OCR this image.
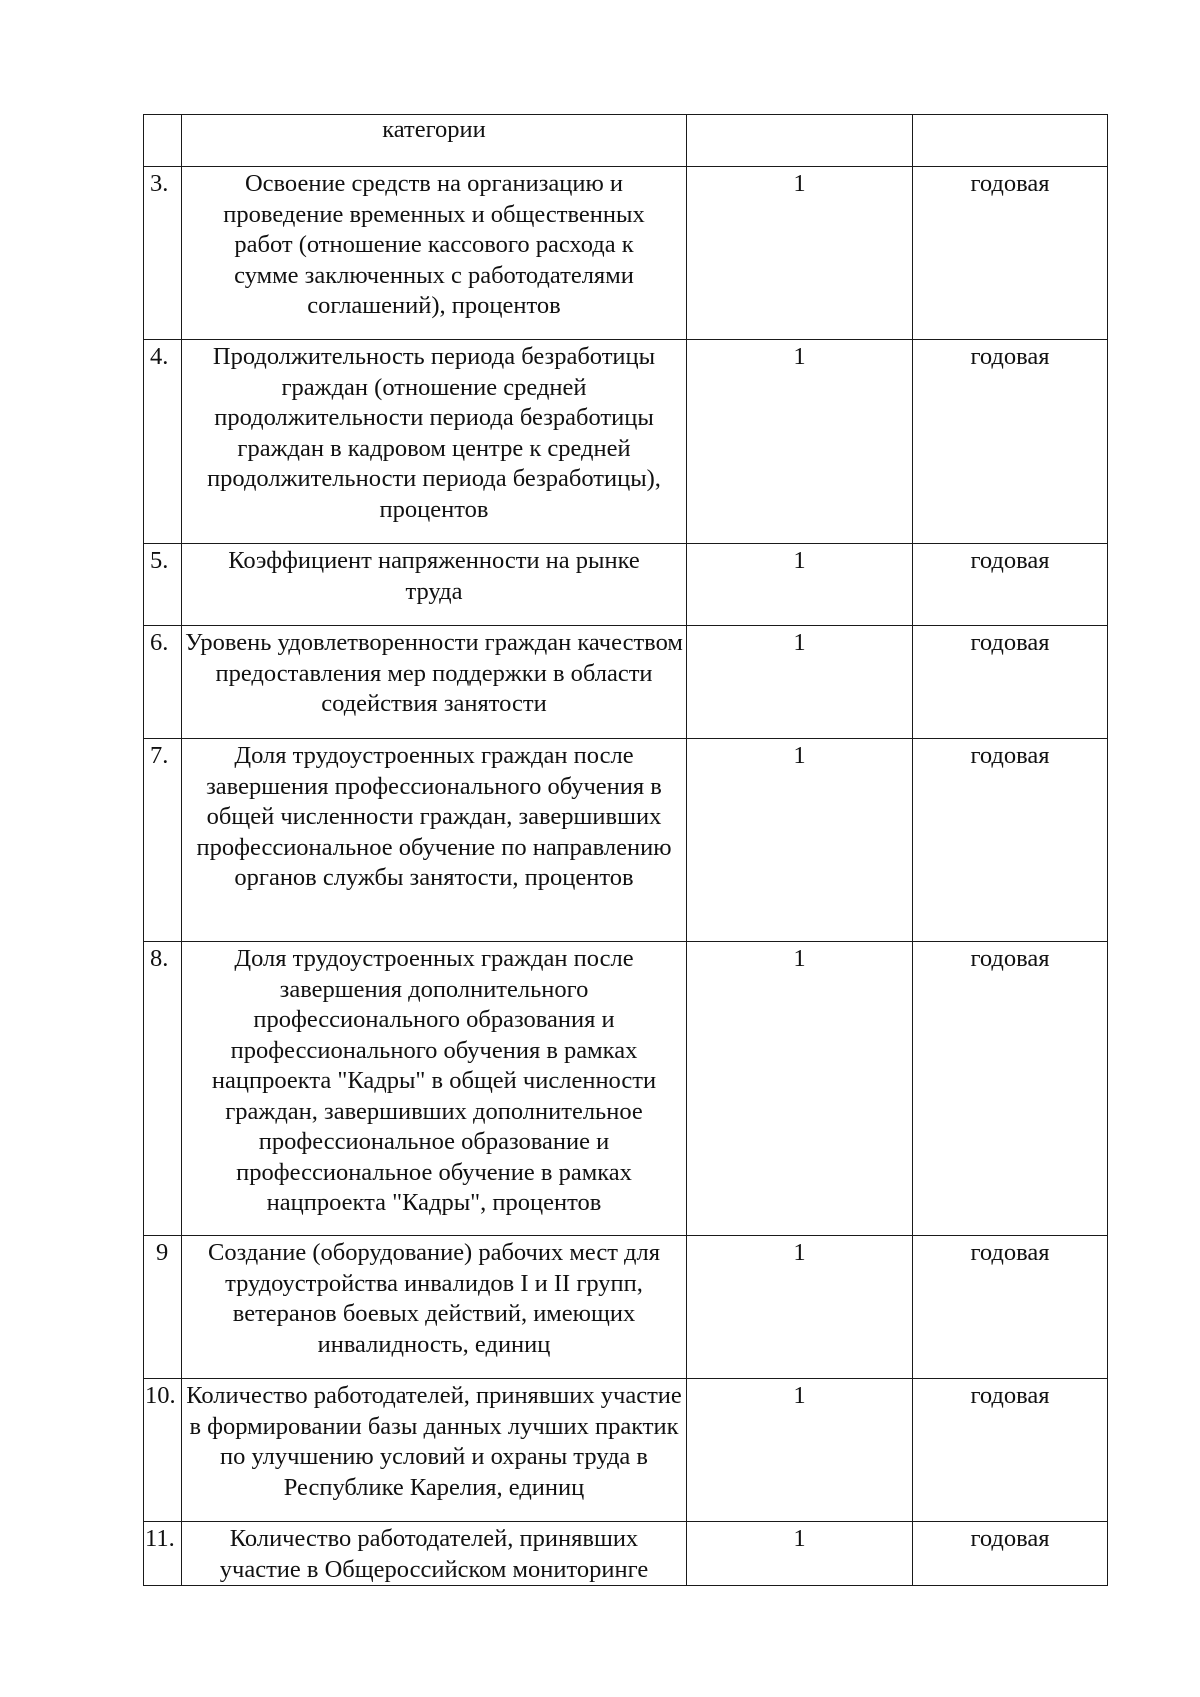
	категории		
3.	Освоение средств на организацию и проведение временных и общественных работ (отношение кассового расхода к сумме заключенных с работодателями соглашений), процентов	1	годовая
4.	Продолжительность периода безработицы граждан (отношение средней продолжительности периода безработицы граждан в кадровом центре к средней продолжительности периода безработицы), процентов	1	годовая
5.	Коэффициент напряженности на рынке труда	1	годовая
6.	Уровень удовлетворенности граждан качеством предоставления мер поддержки в области содействия занятости	1	годовая
7.	Доля трудоустроенных граждан после завершения профессионального обучения в общей численности граждан, завершивших профессиональное обучение по направлению органов службы занятости, процентов	1	годовая
8.	Доля трудоустроенных граждан после завершения дополнительного профессионального образования и профессионального обучения в рамках нацпроекта "Кадры" в общей численности граждан, завершивших дополнительное профессиональное образование и профессиональное обучение в рамках нацпроекта "Кадры", процентов	1	годовая
9	Создание (оборудование) рабочих мест для трудоустройства инвалидов I и II групп, ветеранов боевых действий, имеющих инвалидность, единиц	1	годовая
10.	Количество работодателей, принявших участие в формировании базы данных лучших практик по улучшению условий и охраны труда в Республике Карелия, единиц	1	годовая
11.	Количество работодателей, принявших участие в Общероссийском мониторинге	1	годовая
